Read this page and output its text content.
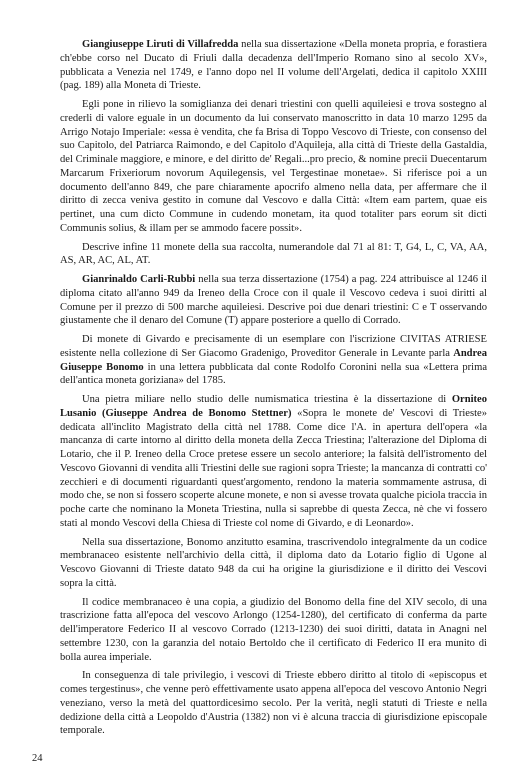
Giangiuseppe Liruti di Villafredda nella sua dissertazione «Della moneta propria, e forastiera ch'ebbe corso nel Ducato di Friuli dalla decadenza dell'Imperio Romano sino al secolo XV», pubblicata a Venezia nel 1749, e l'anno dopo nel II volume dell'Argelati, dedica il capitolo XXIII (pag. 189) alla Moneta di Trieste.

Egli pone in rilievo la somiglianza dei denari triestini con quelli aquileiesi e trova sostegno al crederli di valore eguale in un documento da lui conservato manoscritto in data 10 marzo 1295 da Arrigo Notajo Imperiale: «essa è vendita, che fa Brisa di Toppo Vescovo di Trieste, con consenso del suo Capitolo, del Patriarca Raimondo, e del Capitolo d'Aquileja, alla città di Trieste della Gastaldia, del Criminale maggiore, e minore, e del diritto de' Regali...pro precio, & nomine precii Duecentarum Marcarum Frixeriorum novorum Aquilegensis, vel Tergestinae monetae». Si riferisce poi a un documento dell'anno 849, che pare chiaramente apocrifo almeno nella data, per affermare che il diritto di zecca veniva gestito in comune dal Vescovo e dalla Città: «Item eam partem, quae eis pertinet, una cum dicto Commune in cudendo monetam, ita quod totaliter pars eorum sit dicti Communis solius, & illam per se ammodo facere possit».

Descrive infine 11 monete della sua raccolta, numerandole dal 71 al 81: T, G4, L, C, VA, AA, AS, AR, AC, AL, AT.

Gianrinaldo Carli-Rubbi nella sua terza dissertazione (1754) a pag. 224 attribuisce al 1246 il diploma citato all'anno 949 da Ireneo della Croce con il quale il Vescovo cedeva i suoi diritti al Comune per il prezzo di 500 marche aquileiesi. Descrive poi due denari triestini: C e T osservando giustamente che il denaro del Comune (T) appare posteriore a quello di Corrado.

Di monete di Givardo e precisamente di un esemplare con l'iscrizione CIVITAS ATRIESE esistente nella collezione di Ser Giacomo Gradenigo, Proveditor Generale in Levante parla Andrea Giuseppe Bonomo in una lettera pubblicata dal conte Rodolfo Coronini nella sua «Lettera prima dell'antica moneta goriziana» del 1785.

Una pietra miliare nello studio delle numismatica triestina è la dissertazione di Orniteo Lusanio (Giuseppe Andrea de Bonomo Stettner) «Sopra le monete de' Vescovi di Trieste» dedicata all'inclito Magistrato della città nel 1788. Come dice l'A. in apertura dell'opera «la mancanza di carte intorno al diritto della moneta della Zecca Triestina; l'alterazione del Diploma di Lotario, che il P. Ireneo della Croce pretese essere un secolo anteriore; la falsità dell'istromento del Vescovo Giovanni di vendita alli Triestini delle sue ragioni sopra Trieste; la mancanza di contratti co' zecchieri e di documenti riguardanti quest'argomento, rendono la materia sommamente astrusa, di modo che, se non si fossero scoperte alcune monete, e non si avesse trovata qualche piciola traccia in poche carte che nominano la Moneta Triestina, nulla si saprebbe di questa Zecca, nè che vi fossero stati al mondo Vescovi della Chiesa di Trieste col nome di Givardo, e di Leonardo».

Nella sua dissertazione, Bonomo anzitutto esamina, trascrivendolo integralmente da un codice membranaceo esistente nell'archivio della città, il diploma dato da Lotario figlio di Ugone al Vescovo Giovanni di Trieste datato 948 da cui ha origine la giurisdizione e il diritto dei Vescovi sopra la città.

Il codice membranaceo è una copia, a giudizio del Bonomo della fine del XIV secolo, di una trascrizione fatta all'epoca del vescovo Arlongo (1254-1280), del certificato di conferma da parte dell'imperatore Federico II al vescovo Corrado (1213-1230) dei suoi diritti, datata in Anagni nel settembre 1230, con la garanzia del notaio Bertoldo che il certificato di Federico II era munito di bolla aurea imperiale.

In conseguenza di tale privilegio, i vescovi di Trieste ebbero diritto al titolo di «episcopus et comes tergestinus», che venne però effettivamente usato appena all'epoca del vescovo Antonio Negri veneziano, verso la metà del quattordicesimo secolo. Per la verità, negli statuti di Trieste e nella dedizione della città a Leopoldo d'Austria (1382) non vi è alcuna traccia di giurisdizione episcopale temporale.

24
